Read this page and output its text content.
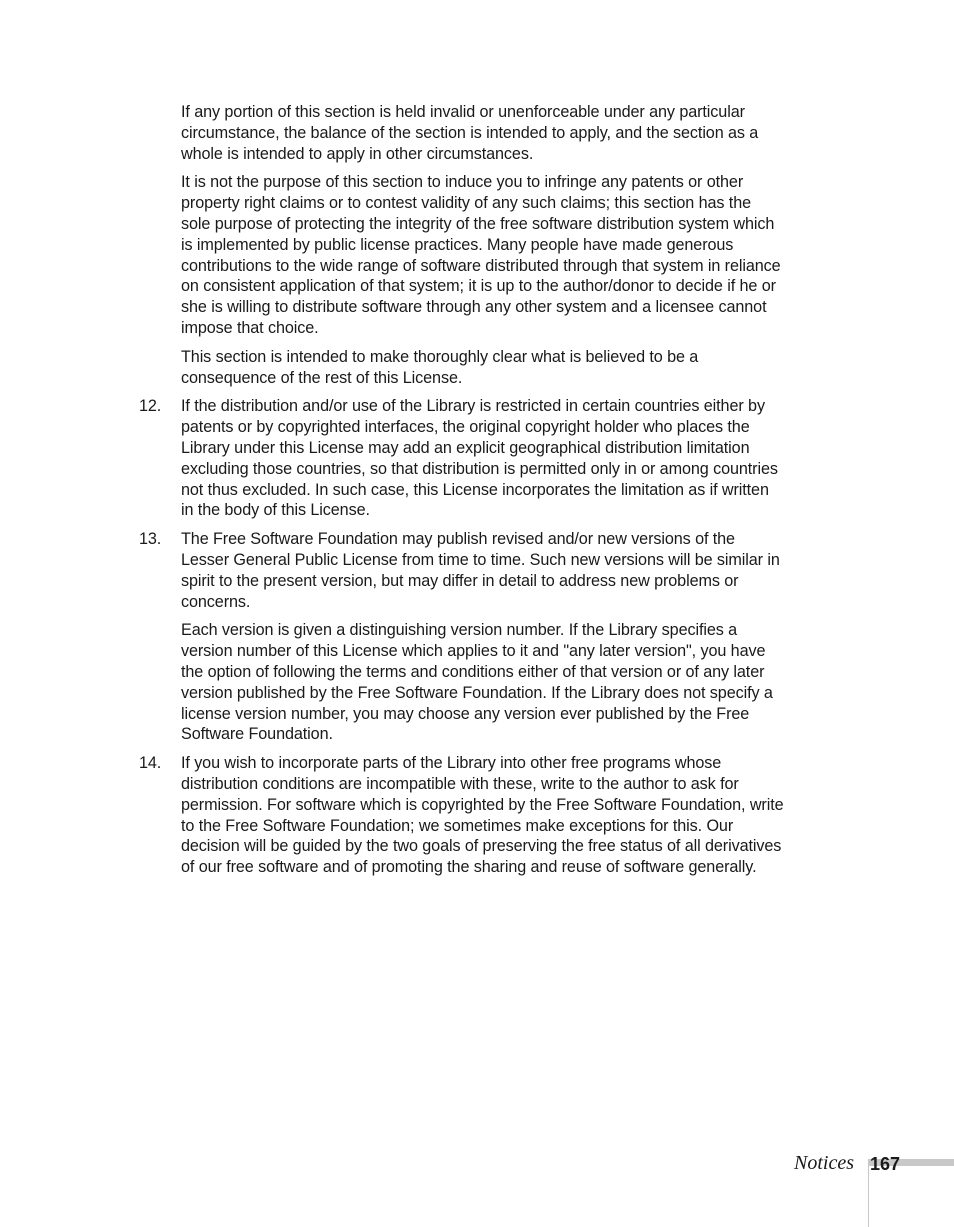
If any portion of this section is held invalid or unenforceable under any particular circumstance, the balance of the section is intended to apply, and the section as a whole is intended to apply in other circumstances.

It is not the purpose of this section to induce you to infringe any patents or other property right claims or to contest validity of any such claims; this section has the sole purpose of protecting the integrity of the free software distribution system which is implemented by public license practices. Many people have made generous contributions to the wide range of software distributed through that system in reliance on consistent application of that system; it is up to the author/donor to decide if he or she is willing to distribute software through any other system and a licensee cannot impose that choice.

This section is intended to make thoroughly clear what is believed to be a consequence of the rest of this License.

12. If the distribution and/or use of the Library is restricted in certain countries either by patents or by copyrighted interfaces, the original copyright holder who places the Library under this License may add an explicit geographical distribution limitation excluding those countries, so that distribution is permitted only in or among countries not thus excluded. In such case, this License incorporates the limitation as if written in the body of this License.

13. The Free Software Foundation may publish revised and/or new versions of the Lesser General Public License from time to time. Such new versions will be similar in spirit to the present version, but may differ in detail to address new problems or concerns.

Each version is given a distinguishing version number. If the Library specifies a version number of this License which applies to it and "any later version", you have the option of following the terms and conditions either of that version or of any later version published by the Free Software Foundation. If the Library does not specify a license version number, you may choose any version ever published by the Free Software Foundation.

14. If you wish to incorporate parts of the Library into other free programs whose distribution conditions are incompatible with these, write to the author to ask for permission. For software which is copyrighted by the Free Software Foundation, write to the Free Software Foundation; we sometimes make exceptions for this. Our decision will be guided by the two goals of preserving the free status of all derivatives of our free software and of promoting the sharing and reuse of software generally.

Notices 167
